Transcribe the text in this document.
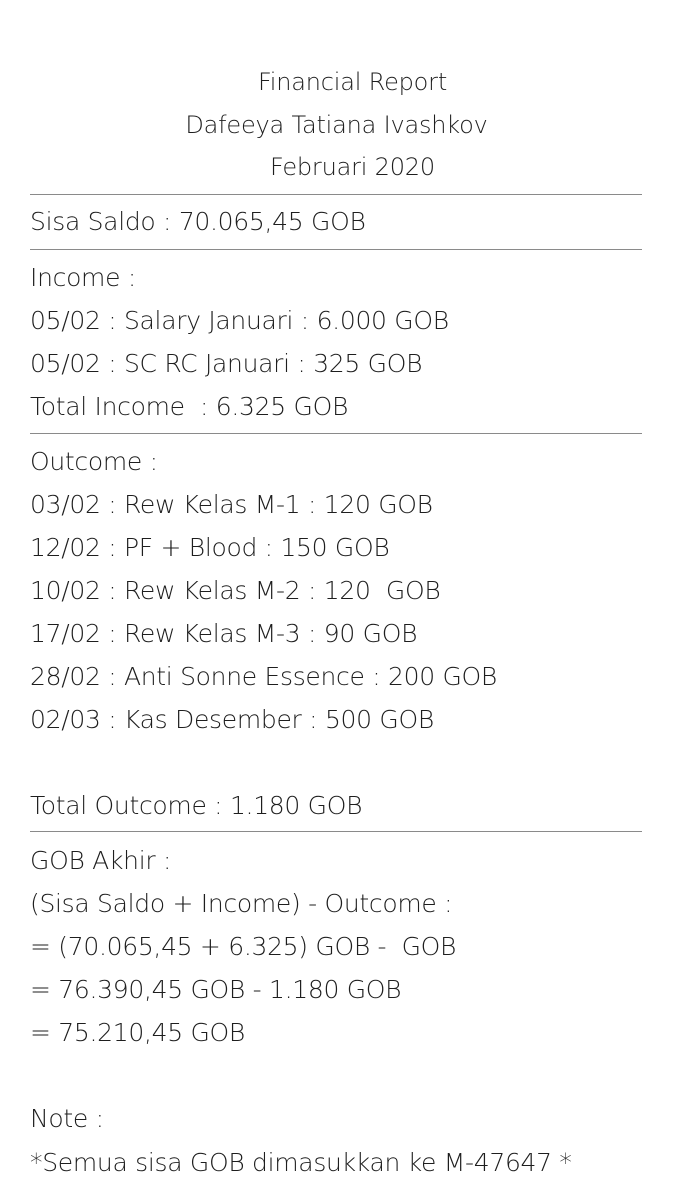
Financial Report
Dafeeya Tatiana Ivashkov
Februari 2020
Sisa Saldo : 70.065,45 GOB
Income :
05/02 : Salary Januari : 6.000 GOB
05/02 : SC RC Januari : 325 GOB
Total Income  : 6.325 GOB
Outcome :
03/02 : Rew Kelas M-1 : 120 GOB
12/02 : PF + Blood : 150 GOB
10/02 : Rew Kelas M-2 : 120  GOB
17/02 : Rew Kelas M-3 : 90 GOB
28/02 : Anti Sonne Essence : 200 GOB
02/03 : Kas Desember : 500 GOB
Total Outcome : 1.180 GOB
GOB Akhir :
(Sisa Saldo + Income) - Outcome :
= (70.065,45 + 6.325) GOB -  GOB
= 76.390,45 GOB - 1.180 GOB
= 75.210,45 GOB
Note :
*Semua sisa GOB dimasukkan ke M-47647 *
